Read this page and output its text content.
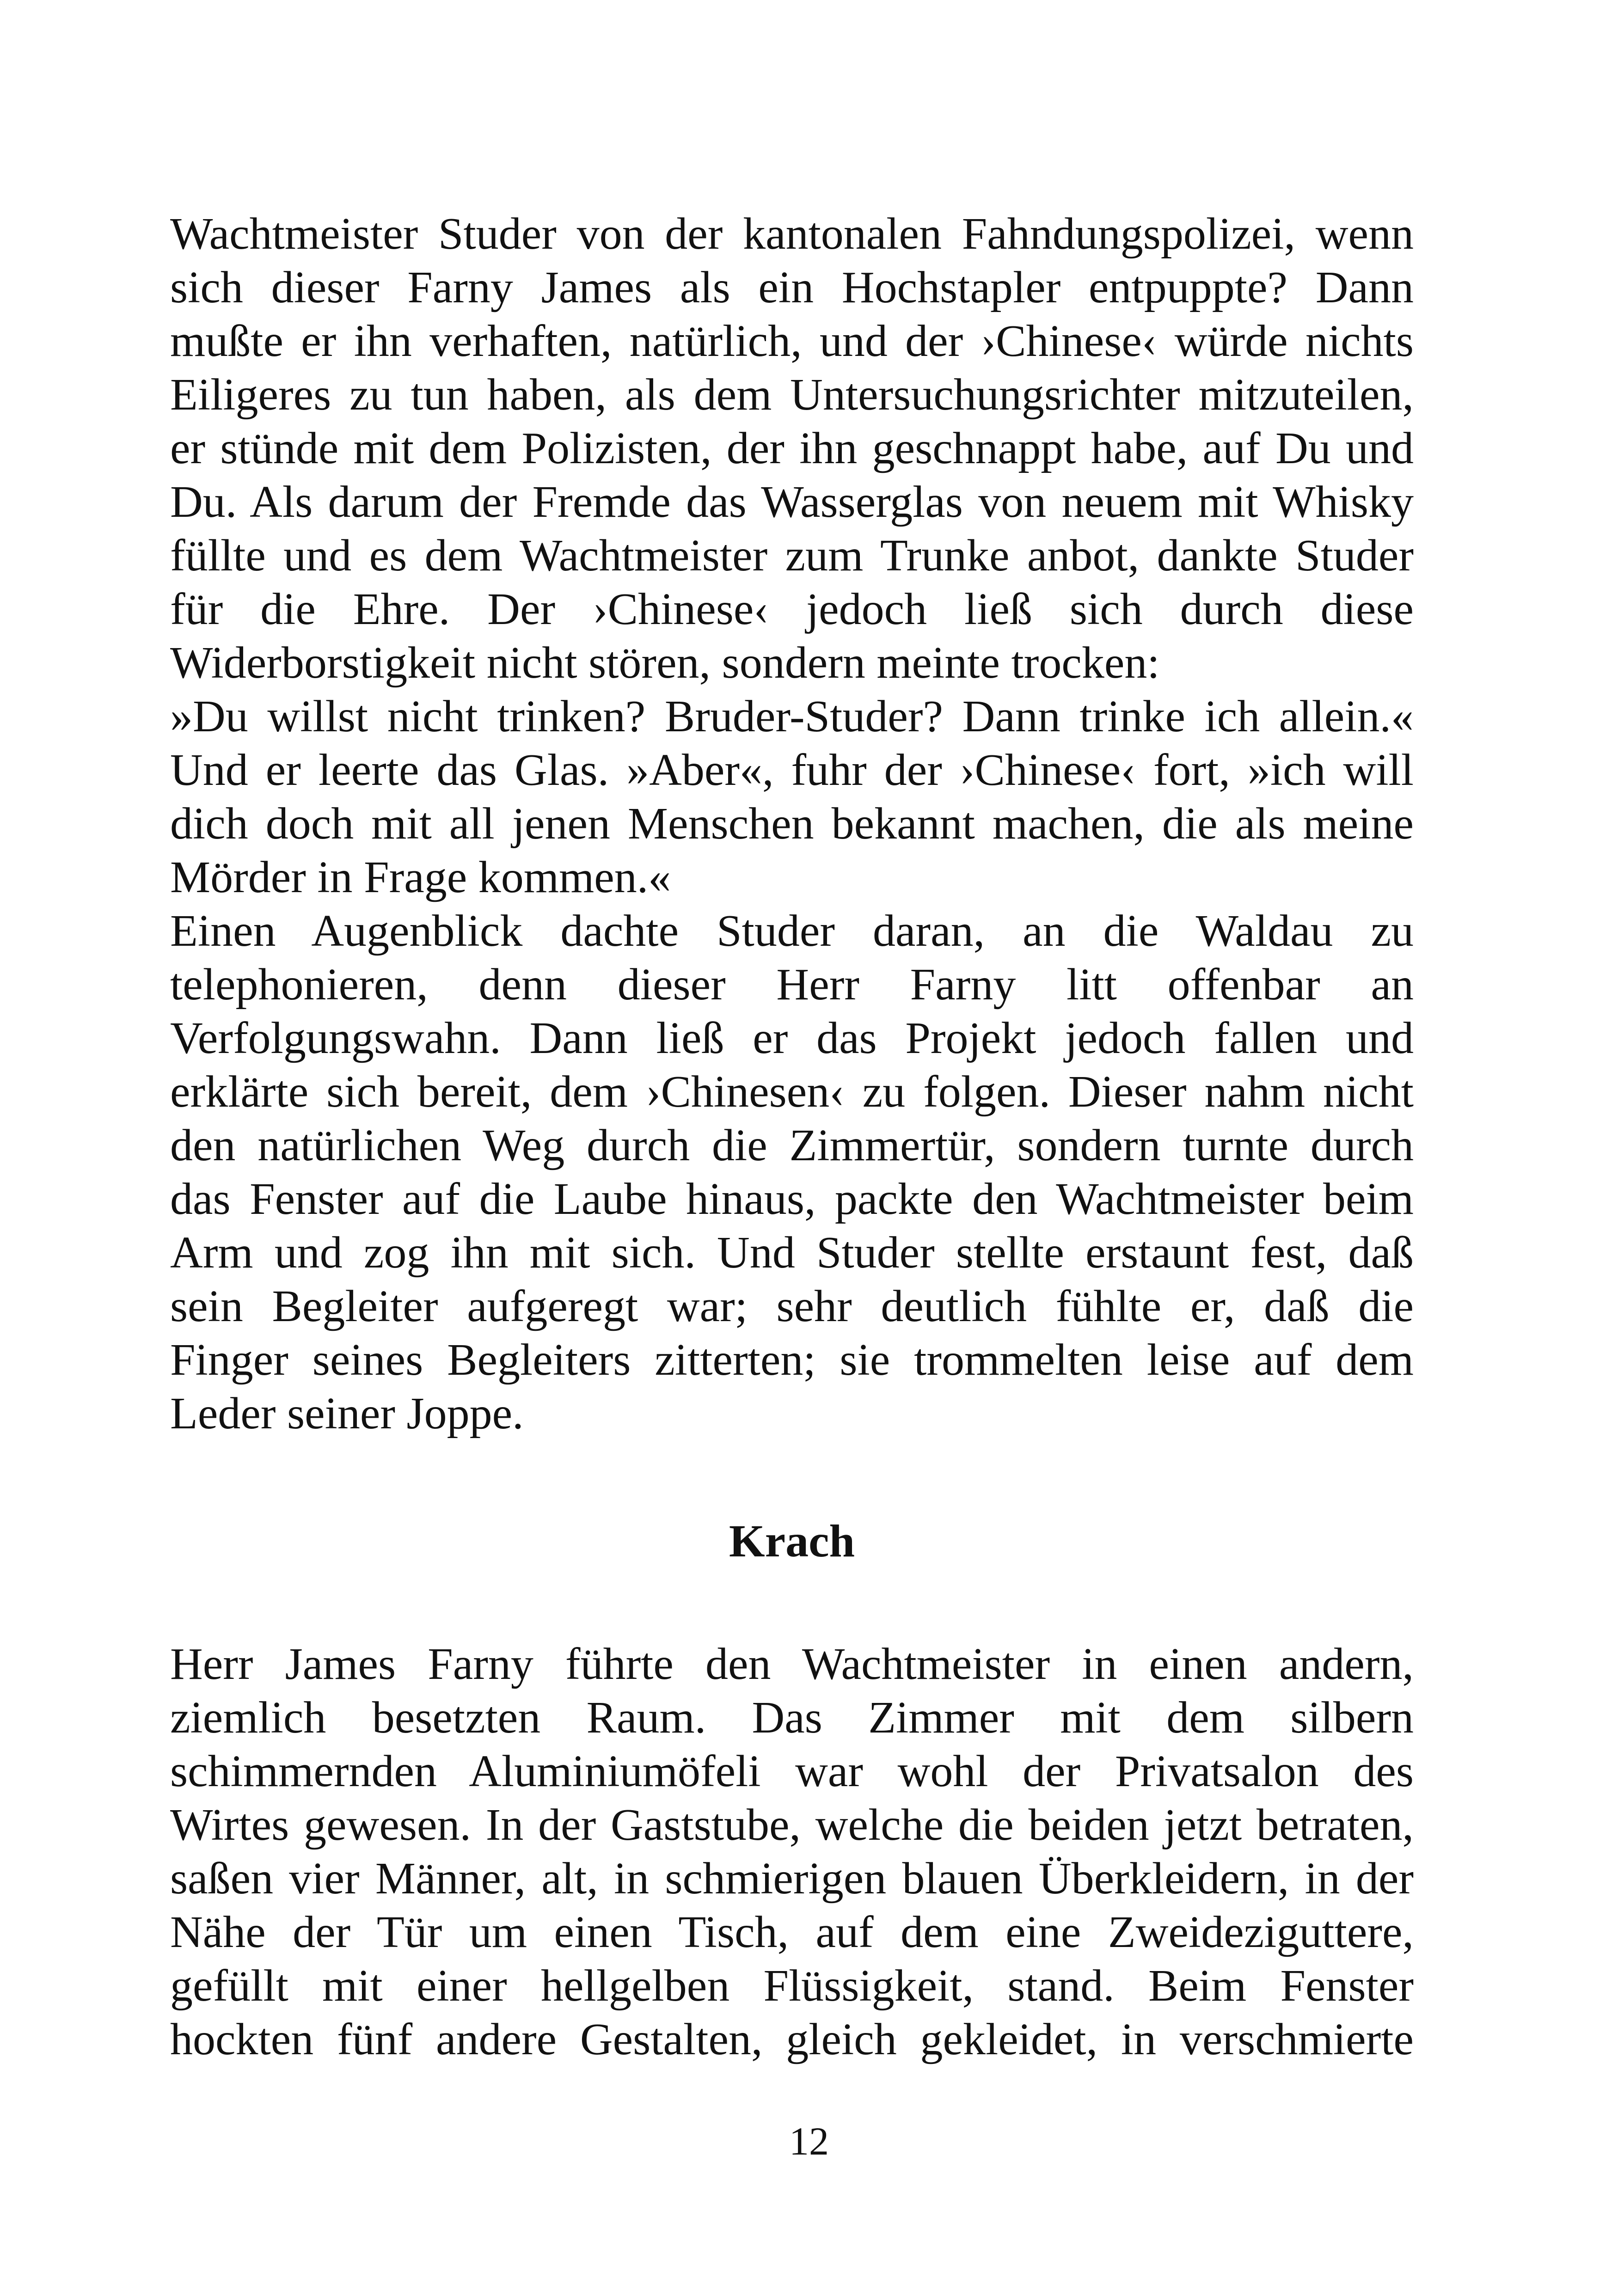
Wachtmeister Studer von der kantonalen Fahndungspolizei, wenn

sich dieser Farny James als ein Hochstapler entpuppte? Dann

mußte er ihn verhaften, natürlich, und der ›Chinese‹ würde nichts

Eiligeres zu tun haben, als dem Untersuchungsrichter mitzuteilen,

er stünde mit dem Polizisten, der ihn geschnappt habe, auf Du und

Du. Als darum der Fremde das Wasserglas von neuem mit Whisky

füllte und es dem Wachtmeister zum Trunke anbot, dankte Studer

für die Ehre. Der ›Chinese‹ jedoch ließ sich durch diese

Widerborstigkeit nicht stören, sondern meinte trocken:

»Du willst nicht trinken? Bruder-Studer? Dann trinke ich allein.«

Und er leerte das Glas. »Aber«, fuhr der ›Chinese‹ fort, »ich will

dich doch mit all jenen Menschen bekannt machen, die als meine

Mörder in Frage kommen.«

Einen Augenblick dachte Studer daran, an die Waldau zu

telephonieren, denn dieser Herr Farny litt offenbar an

Verfolgungswahn. Dann ließ er das Projekt jedoch fallen und

erklärte sich bereit, dem ›Chinesen‹ zu folgen. Dieser nahm nicht

den natürlichen Weg durch die Zimmertür, sondern turnte durch

das Fenster auf die Laube hinaus, packte den Wachtmeister beim

Arm und zog ihn mit sich. Und Studer stellte erstaunt fest, daß

sein Begleiter aufgeregt war; sehr deutlich fühlte er, daß die

Finger seines Begleiters zitterten; sie trommelten leise auf dem

Leder seiner Joppe.

Krach

Herr James Farny führte den Wachtmeister in einen andern,

ziemlich besetzten Raum. Das Zimmer mit dem silbern

schimmernden Aluminiumöfeli war wohl der Privatsalon des

Wirtes gewesen. In der Gaststube, welche die beiden jetzt betraten,

saßen vier Männer, alt, in schmierigen blauen Überkleidern, in der

Nähe der Tür um einen Tisch, auf dem eine Zweideziguttere,

gefüllt mit einer hellgelben Flüssigkeit, stand. Beim Fenster

hockten fünf andere Gestalten, gleich gekleidet, in verschmierte

12
